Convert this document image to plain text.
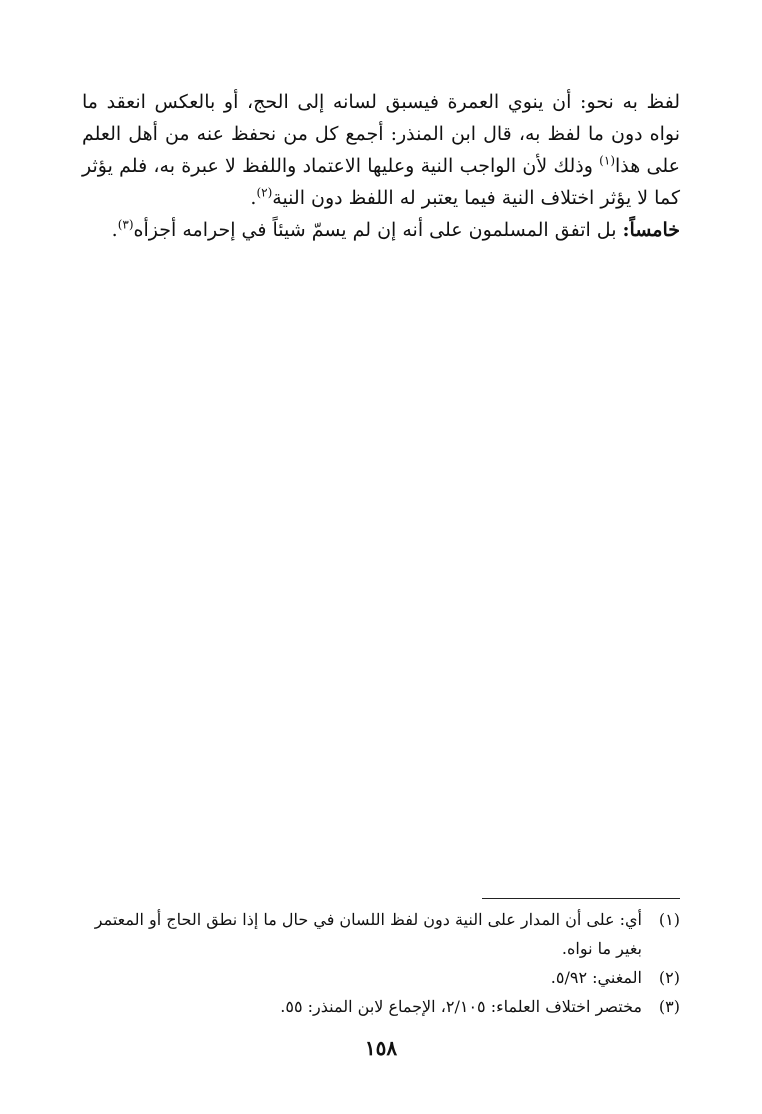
لفظ به نحو: أن ينوي العمرة فيسبق لسانه إلى الحج، أو بالعكس انعقد ما نواه دون ما لفظ به، قال ابن المنذر: أجمع كل من نحفظ عنه من أهل العلم على هذا$^{(١)}$ وذلك لأن الواجب النية وعليها الاعتماد واللفظ لا عبرة به، فلم يؤثر كما لا يؤثر اختلاف النية فيما يعتبر له اللفظ دون النية$^{(٢)}$.

خامساً: بل اتفق المسلمون على أنه إن لم يسمّ شيئاً في إحرامه أجزأه$^{(٣)}$.

(١)
أي: على أن المدار على النية دون لفظ اللسان في حال ما إذا نطق الحاج أو المعتمر بغير ما نواه.
(٢)
المغني: ٥/٩٢.
(٣)
مختصر اختلاف العلماء: ٢/١٠٥، الإجماع لابن المنذر: ٥٥.
١٥٨
